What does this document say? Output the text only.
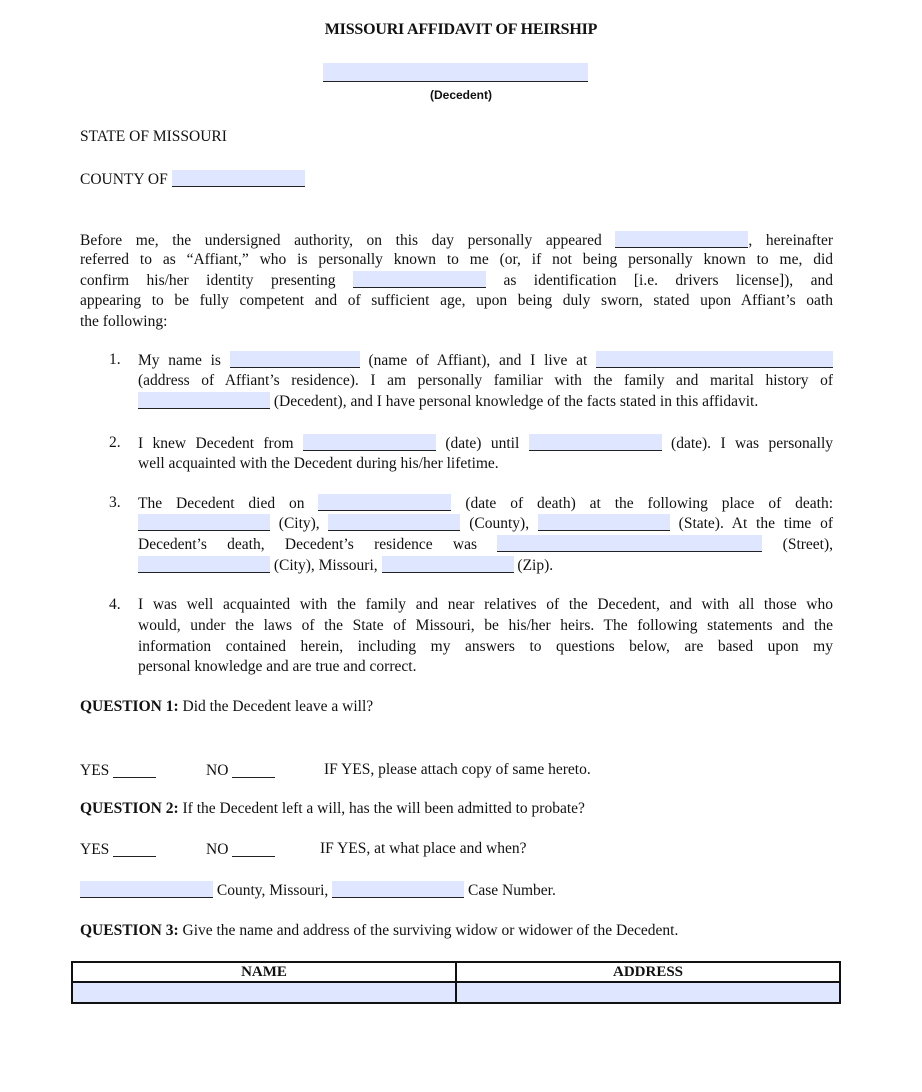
MISSOURI AFFIDAVIT OF HEIRSHIP
(Decedent)
STATE OF MISSOURI
COUNTY OF
Before me, the undersigned authority, on this day personally appeared	, hereinafter
referred to as “Affiant,” who is personally known to me (or, if not being personally known to me, did
confirm his/her identity presenting	as identification [i.e. drivers license]), and
appearing to be fully competent and of sufficient age, upon being duly sworn, stated upon Affiant’s oath
the following:
1.	My name is	(name of Affiant), and I live at
(address of Affiant’s residence). I am personally familiar with the family and marital history of
(Decedent), and I have personal knowledge of the facts stated in this affidavit.
2.	I knew Decedent from	(date) until	(date). I was personally
well acquainted with the Decedent during his/her lifetime.
3.	The Decedent died on	(date of death) at the following place of death:
(City),	(County),	(State). At the time of
Decedent’s death, Decedent’s residence was	(Street),
(City), Missouri,	(Zip).
4.	I was well acquainted with the family and near relatives of the Decedent, and with all those who
would, under the laws of the State of Missouri, be his/her heirs. The following statements and the
information contained herein, including my answers to questions below, are based upon my
personal knowledge and are true and correct.
QUESTION 1: Did the Decedent leave a will?
YES	NO	IF YES, please attach copy of same hereto.
QUESTION 2: If the Decedent left a will, has the will been admitted to probate?
YES	NO	IF YES, at what place and when?
County, Missouri,	Case Number.
QUESTION 3: Give the name and address of the surviving widow or widower of the Decedent.
NAME	ADDRESS
